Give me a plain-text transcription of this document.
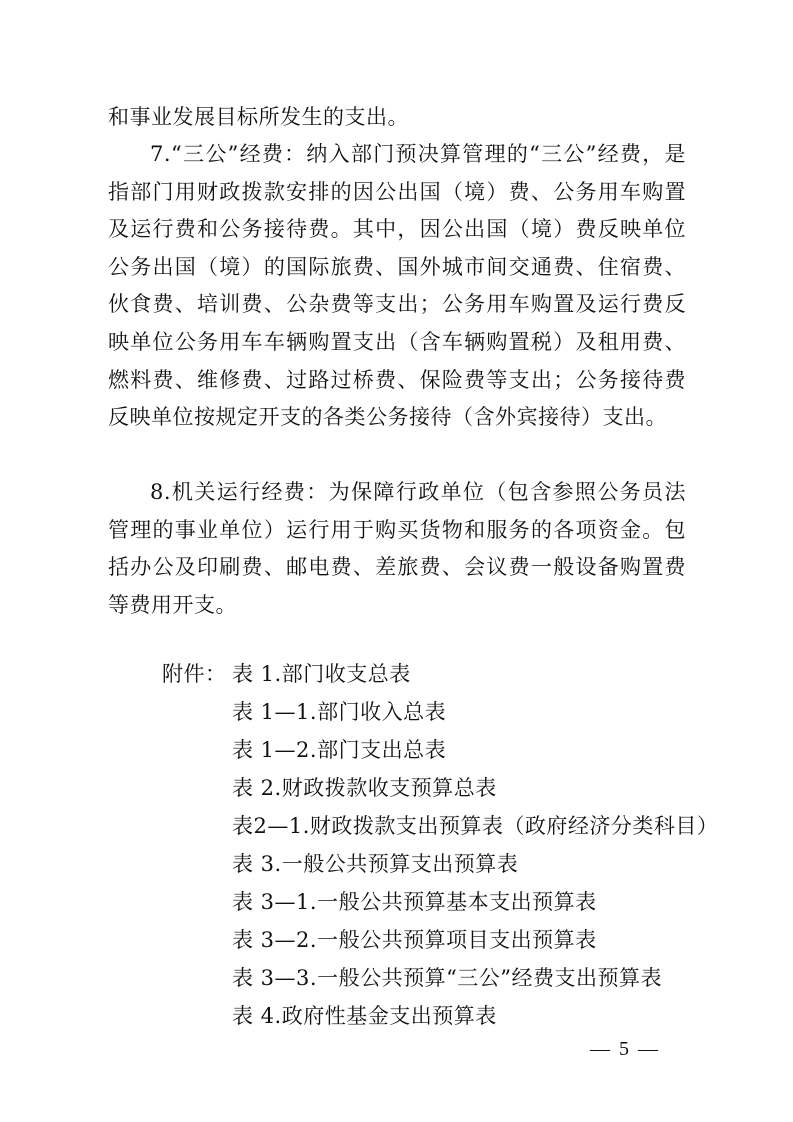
和事业发展目标所发生的支出。

7.“三公”经费：纳入部门预决算管理的“三公”经费，是指部门用财政拨款安排的因公出国（境）费、公务用车购置及运行费和公务接待费。其中，因公出国（境）费反映单位公务出国（境）的国际旅费、国外城市间交通费、住宿费、伙食费、培训费、公杂费等支出；公务用车购置及运行费反映单位公务用车车辆购置支出（含车辆购置税）及租用费、燃料费、维修费、过路过桥费、保险费等支出；公务接待费反映单位按规定开支的各类公务接待（含外宾接待）支出。

8.机关运行经费：为保障行政单位（包含参照公务员法管理的事业单位）运行用于购买货物和服务的各项资金。包括办公及印刷费、邮电费、差旅费、会议费一般设备购置费等费用开支。

附件： 表 1.部门收支总表

表 1—1.部门收入总表

表 1—2.部门支出总表

表 2.财政拨款收支预算总表

表2—1.财政拨款支出预算表（政府经济分类科目）

表 3.一般公共预算支出预算表

表 3—1.一般公共预算基本支出预算表

表 3—2.一般公共预算项目支出预算表

表 3—3.一般公共预算“三公”经费支出预算表

表 4.政府性基金支出预算表

— 5 —
